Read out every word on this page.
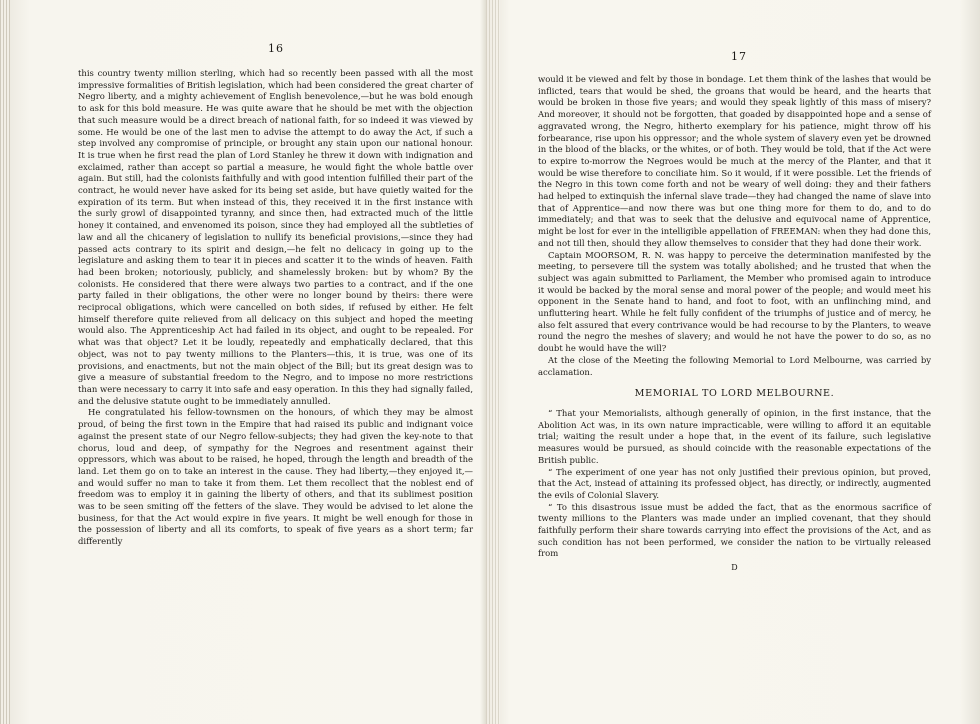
16

this country twenty million sterling, which had so recently been passed with all the most impressive formalities of British legislation, which had been considered the great charter of Negro liberty, and a mighty achievement of English benevolence,—but he was bold enough to ask for this bold measure. He was quite aware that he should be met with the objection that such measure would be a direct breach of national faith, for so indeed it was viewed by some. He would be one of the last men to advise the attempt to do away the Act, if such a step involved any compromise of principle, or brought any stain upon our national honour. It is true when he first read the plan of Lord Stanley he threw it down with indignation and exclaimed, rather than accept so partial a measure, he would fight the whole battle over again. But still, had the colonists faithfully and with good intention fulfilled their part of the contract, he would never have asked for its being set aside, but have quietly waited for the expiration of its term. But when instead of this, they received it in the first instance with the surly growl of disappointed tyranny, and since then, had extracted much of the little honey it contained, and envenomed its poison, since they had employed all the subtleties of law and all the chicanery of legislation to nullify its beneficial provisions,—since they had passed acts contrary to its spirit and design,—he felt no delicacy in going up to the legislature and asking them to tear it in pieces and scatter it to the winds of heaven. Faith had been broken; notoriously, publicly, and shamelessly broken: but by whom? By the colonists. He considered that there were always two parties to a contract, and if the one party failed in their obligations, the other were no longer bound by theirs: there were reciprocal obligations, which were cancelled on both sides, if refused by either. He felt himself therefore quite relieved from all delicacy on this subject and hoped the meeting would also. The Apprenticeship Act had failed in its object, and ought to be repealed. For what was that object? Let it be loudly, repeatedly and emphatically declared, that this object, was not to pay twenty millions to the Planters—this, it is true, was one of its provisions, and enactments, but not the main object of the Bill; but its great design was to give a measure of substantial freedom to the Negro, and to impose no more restrictions than were necessary to carry it into safe and easy operation. In this they had signally failed, and the delusive statute ought to be immediately annulled.

He congratulated his fellow-townsmen on the honours, of which they may be almost proud, of being the first town in the Empire that had raised its public and indignant voice against the present state of our Negro fellow-subjects; they had given the key-note to that chorus, loud and deep, of sympathy for the Negroes and resentment against their oppressors, which was about to be raised, he hoped, through the length and breadth of the land. Let them go on to take an interest in the cause. They had liberty,—they enjoyed it,—and would suffer no man to take it from them. Let them recollect that the noblest end of freedom was to employ it in gaining the liberty of others, and that its sublimest position was to be seen smiting off the fetters of the slave. They would be advised to let alone the business, for that the Act would expire in five years. It might be well enough for those in the possession of liberty and all its comforts, to speak of five years as a short term; far differently

17

would it be viewed and felt by those in bondage. Let them think of the lashes that would be inflicted, tears that would be shed, the groans that would be heard, and the hearts that would be broken in those five years; and would they speak lightly of this mass of misery? And moreover, it should not be forgotten, that goaded by disappointed hope and a sense of aggravated wrong, the Negro, hitherto exemplary for his patience, might throw off his forbearance, rise upon his oppressor; and the whole system of slavery even yet be drowned in the blood of the blacks, or the whites, or of both. They would be told, that if the Act were to expire to-morrow the Negroes would be much at the mercy of the Planter, and that it would be wise therefore to conciliate him. So it would, if it were possible. Let the friends of the Negro in this town come forth and not be weary of well doing: they and their fathers had helped to extinquish the infernal slave trade—they had changed the name of slave into that of Apprentice—and now there was but one thing more for them to do, and to do immediately; and that was to seek that the delusive and equivocal name of Apprentice, might be lost for ever in the intelligible appellation of FREEMAN: when they had done this, and not till then, should they allow themselves to consider that they had done their work.

Captain MOORSOM, R. N. was happy to perceive the determination manifested by the meeting, to persevere till the system was totally abolished; and he trusted that when the subject was again submitted to Parliament, the Member who promised again to introduce it would be backed by the moral sense and moral power of the people; and would meet his opponent in the Senate hand to hand, and foot to foot, with an unflinching mind, and unfluttering heart. While he felt fully confident of the triumphs of justice and of mercy, he also felt assured that every contrivance would be had recourse to by the Planters, to weave round the negro the meshes of slavery; and would he not have the power to do so, as no doubt he would have the will?

At the close of the Meeting the following Memorial to Lord Melbourne, was carried by acclamation.

MEMORIAL TO LORD MELBOURNE.

“ That your Memorialists, although generally of opinion, in the first instance, that the Abolition Act was, in its own nature impracticable, were willing to afford it an equitable trial; waiting the result under a hope that, in the event of its failure, such legislative measures would be pursued, as should coincide with the reasonable expectations of the British public.

“ The experiment of one year has not only justified their previous opinion, but proved, that the Act, instead of attaining its professed object, has directly, or indirectly, augmented the evils of Colonial Slavery.

“ To this disastrous issue must be added the fact, that as the enormous sacrifice of twenty millions to the Planters was made under an implied covenant, that they should faithfully perform their share towards carrying into effect the provisions of the Act, and as such condition has not been performed, we consider the nation to be virtually released from

D
